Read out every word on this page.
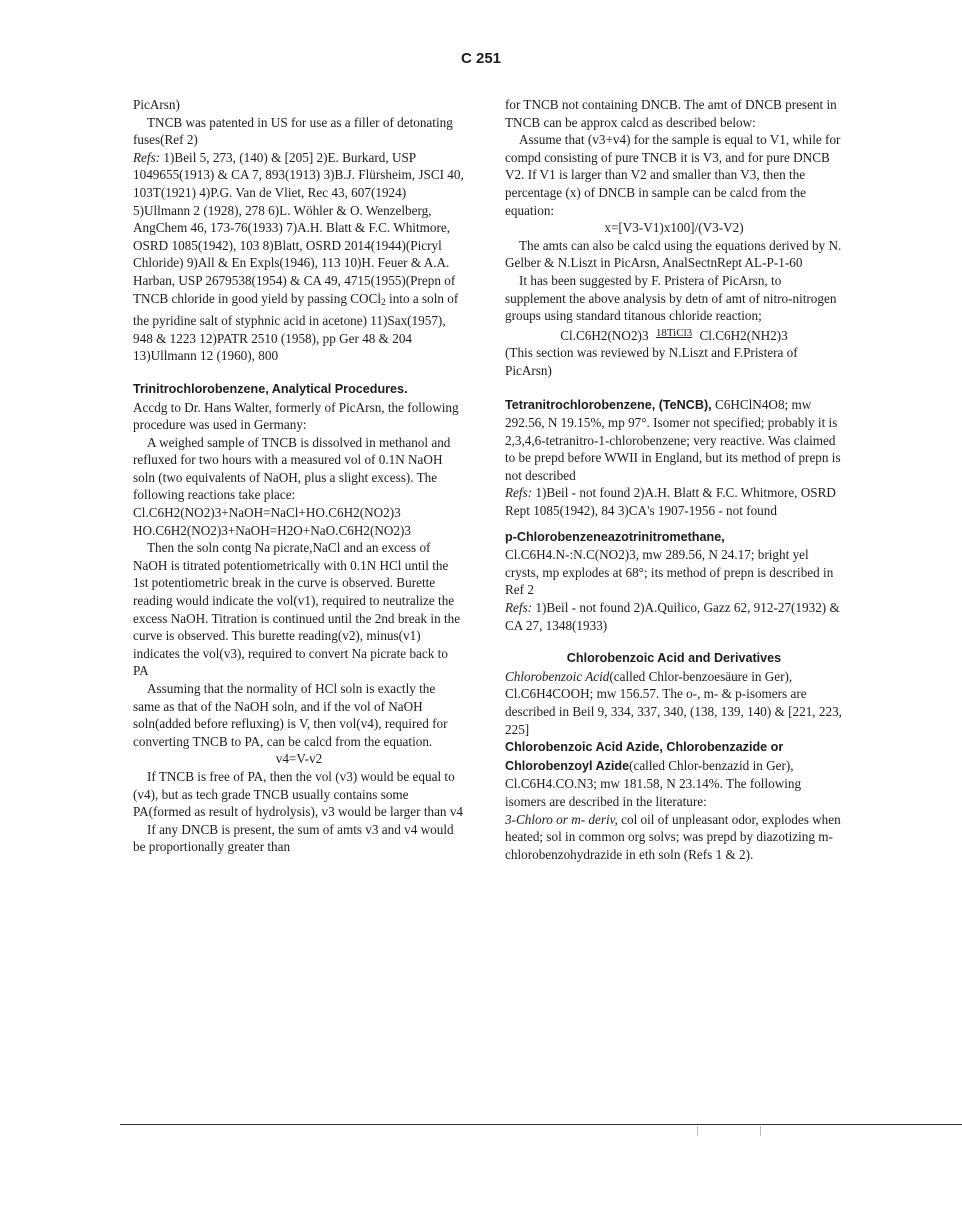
C 251

PicArsn)

TNCB was patented in US for use as a filler of detonating fuses(Ref 2)

Refs: 1)Beil 5, 273, (140) & [205] 2)E. Burkard, USP 1049655(1913) & CA 7, 893(1913) 3)B.J. Flürsheim, JSCI 40, 103T(1921) 4)P.G. Van de Vliet, Rec 43, 607(1924) 5)Ullmann 2 (1928), 278 6)L. Wöhler & O. Wenzelberg, AngChem 46, 173-76(1933) 7)A.H. Blatt & F.C. Whitmore, OSRD 1085(1942), 103 8)Blatt, OSRD 2014(1944)(Picryl Chloride) 9)All & En Expls(1946), 113 10)H. Feuer & A.A. Harban, USP 2679538(1954) & CA 49, 4715(1955)(Prepn of TNCB chloride in good yield by passing COCl$_2$ into a soln of the pyridine salt of styphnic acid in acetone) 11)Sax(1957), 948 & 1223 12)PATR 2510 (1958), pp Ger 48 & 204 13)Ullmann 12 (1960), 800

Trinitrochlorobenzene, Analytical Procedures.

Accdg to Dr. Hans Walter, formerly of PicArsn, the following procedure was used in Germany:

A weighed sample of TNCB is dissolved in methanol and refluxed for two hours with a measured vol of 0.1N NaOH soln (two equivalents of NaOH, plus a slight excess). The following reactions take place:

Cl.C6H2(NO2)3+NaOH=NaCl+HO.C6H2(NO2)3

HO.C6H2(NO2)3+NaOH=H2O+NaO.C6H2(NO2)3

Then the soln contg Na picrate,NaCl and an excess of NaOH is titrated potentiometrically with 0.1N HCl until the 1st potentiometric break in the curve is observed. Burette reading would indicate the vol(v1), required to neutralize the excess NaOH. Titration is continued until the 2nd break in the curve is observed. This burette reading(v2), minus(v1) indicates the vol(v3), required to convert Na picrate back to PA

Assuming that the normality of HCl soln is exactly the same as that of the NaOH soln, and if the vol of NaOH soln(added before refluxing) is V, then vol(v4), required for converting TNCB to PA, can be calcd from the equation.

v4=V-v2

If TNCB is free of PA, then the vol (v3) would be equal to (v4), but as tech grade TNCB usually contains some PA(formed as result of hydrolysis), v3 would be larger than v4

If any DNCB is present, the sum of amts v3 and v4 would be proportionally greater than

for TNCB not containing DNCB. The amt of DNCB present in TNCB can be approx calcd as described below:

Assume that (v3+v4) for the sample is equal to V1, while for compd consisting of pure TNCB it is V3, and for pure DNCB V2. If V1 is larger than V2 and smaller than V3, then the percentage (x) of DNCB in sample can be calcd from the equation:

x=[V3-V1)x100]/(V3-V2)

The amts can also be calcd using the equations derived by N. Gelber & N.Liszt in PicArsn, AnalSectnRept AL-P-1-60

It has been suggested by F. Pristera of PicArsn, to supplement the above analysis by detn of amt of nitro-nitrogen groups using standard titanous chloride reaction;

Cl.C6H2(NO2)3 18TiCl3 Cl.C6H2(NH2)3

(This section was reviewed by N.Liszt and F.Pristera of PicArsn)

Tetranitrochlorobenzene, (TeNCB), C6HClN4O8; mw 292.56, N 19.15%, mp 97°. Isomer not specified; probably it is 2,3,4,6-tetranitro-1-chlorobenzene; very reactive. Was claimed to be prepd before WWII in England, but its method of prepn is not described

Refs: 1)Beil - not found 2)A.H. Blatt & F.C. Whitmore, OSRD Rept 1085(1942), 84 3)CA's 1907-1956 - not found

p-Chlorobenzeneazotrinitromethane, Cl.C6H4.N-:N.C(NO2)3, mw 289.56, N 24.17; bright yel crysts, mp explodes at 68°; its method of prepn is described in Ref 2

Refs: 1)Beil - not found 2)A.Quilico, Gazz 62, 912-27(1932) & CA 27, 1348(1933)

Chlorobenzoic Acid and Derivatives

Chlorobenzoic Acid(called Chlor-benzoesäure in Ger), Cl.C6H4COOH; mw 156.57. The o-, m- & p-isomers are described in Beil 9, 334, 337, 340, (138, 139, 140) & [221, 223, 225]

Chlorobenzoic Acid Azide, Chlorobenzazide or Chlorobenzoyl Azide(called Chlor-benzazid in Ger), Cl.C6H4.CO.N3; mw 181.58, N 23.14%. The following isomers are described in the literature:

3-Chloro or m- deriv, col oil of unpleasant odor, explodes when heated; sol in common org solvs; was prepd by diazotizing m-chlorobenzohydrazide in eth soln (Refs 1 & 2).
